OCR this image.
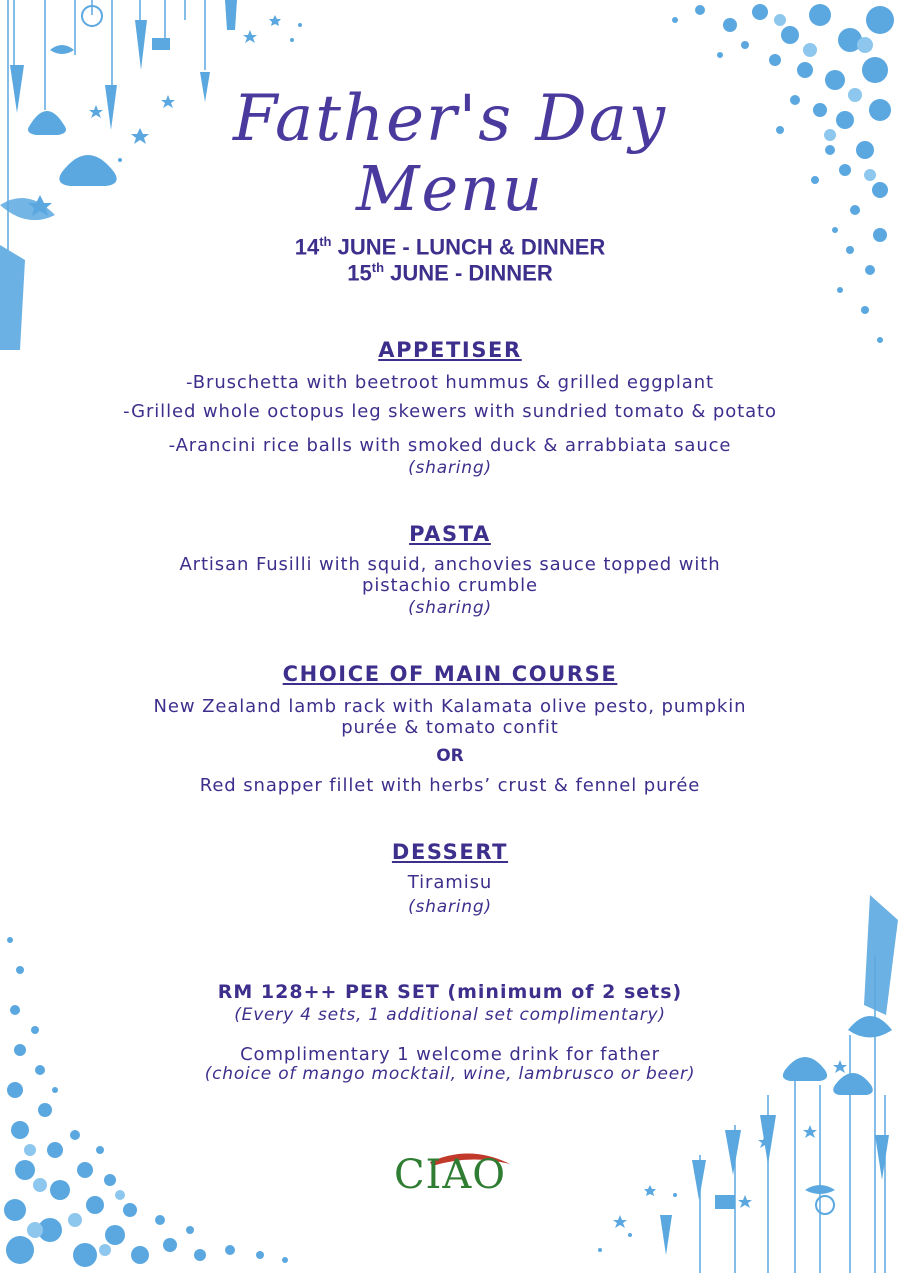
Father's Day
Menu
14th JUNE - LUNCH & DINNER
15th JUNE - DINNER
APPETISER
-Bruschetta with beetroot hummus & grilled eggplant
-Grilled whole octopus leg skewers with sundried tomato & potato
-Arancini rice balls with smoked duck & arrabbiata sauce
(sharing)
PASTA
Artisan Fusilli with squid, anchovies sauce topped with
pistachio crumble
(sharing)
CHOICE OF MAIN COURSE
New Zealand lamb rack with Kalamata olive pesto, pumpkin
purée & tomato confit
OR
Red snapper fillet with herbs’ crust & fennel purée
DESSERT
Tiramisu
(sharing)
RM 128++ PER SET (minimum of 2 sets)
(Every 4 sets, 1 additional set complimentary)
Complimentary 1 welcome drink for father
(choice of mango mocktail, wine, lambrusco or beer)
CIAO
